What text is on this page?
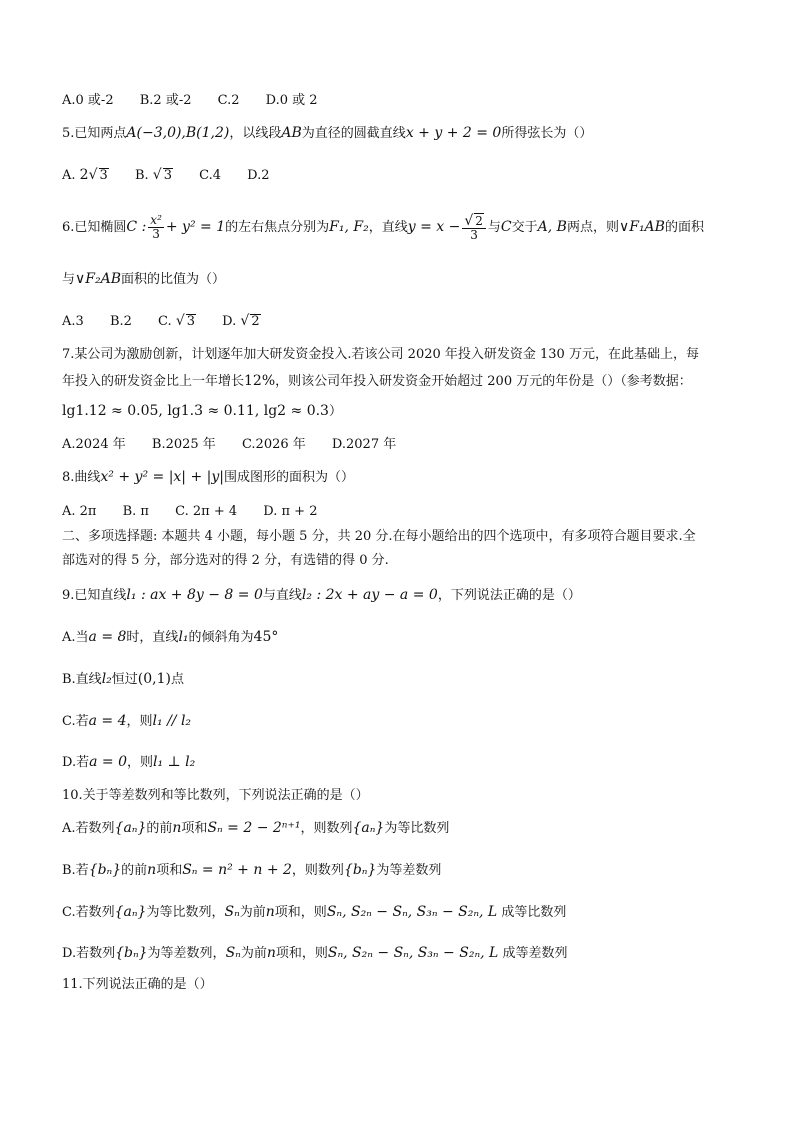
A.0 或-2 B.2 或-2 C.2 D.0 或 2
5.已知两点A(−3,0),B(1,2)，以线段AB为直径的圆截直线x + y + 2 = 0所得弦长为（）
A. 2√ 3 B. √ 3 C.4 D.2
6.已知椭圆C : $\frac{\text{x²}}{3} + y^2 = 1$的左右焦点分别为F₁, F₂，直线$y = x - \frac{√ 2}{3}$ 与C交于A, B两点，则∨F₁AB的面积
与∨F₂AB面积的比值为（）
A.3 B.2 C. √ 3 D. √ 2
7.某公司为激励创新，计划逐年加大研发资金投入.若该公司 2020 年投入研发资金 130 万元，在此基础上，每
年投入的研发资金比上一年增长12%，则该公司年投入研发资金开始超过 200 万元的年份是（）（参考数据：
lg1.12 ≈ 0.05, lg1.3 ≈ 0.11, lg2 ≈ 0.3）
A.2024 年 B.2025 年 C.2026 年 D.2027 年
8.曲线x² + y² = |x| + |y|围成图形的面积为（）
A. 2π B. π C. 2π + 4 D. π + 2
二、多项选择题: 本题共 4 小题，每小题 5 分，共 20 分.在每小题给出的四个选项中，有多项符合题目要求.全
部选对的得 5 分，部分选对的得 2 分，有选错的得 0 分.
9.已知直线l₁ : ax + 8y − 8 = 0与直线l₂ : 2x + ay − a = 0，下列说法正确的是（）
A.当a = 8时，直线l₁的倾斜角为45°
B.直线l₂恒过(0,1)点
C.若a = 4，则l₁ // l₂
D.若a = 0，则l₁ ⊥ l₂
10.关于等差数列和等比数列，下列说法正确的是（）
A.若数列{aₙ}的前n项和Sₙ = 2 − 2ⁿ⁺¹，则数列{aₙ}为等比数列
B.若{bₙ}的前n项和Sₙ = n² + n + 2，则数列{bₙ}为等差数列
C.若数列{aₙ}为等比数列，Sₙ为前n项和，则Sₙ, S₂ₙ − Sₙ, S₃ₙ − S₂ₙ, L 成等比数列
D.若数列{bₙ}为等差数列，Sₙ为前n项和，则Sₙ, S₂ₙ − Sₙ, S₃ₙ − S₂ₙ, L 成等差数列
11.下列说法正确的是（）
